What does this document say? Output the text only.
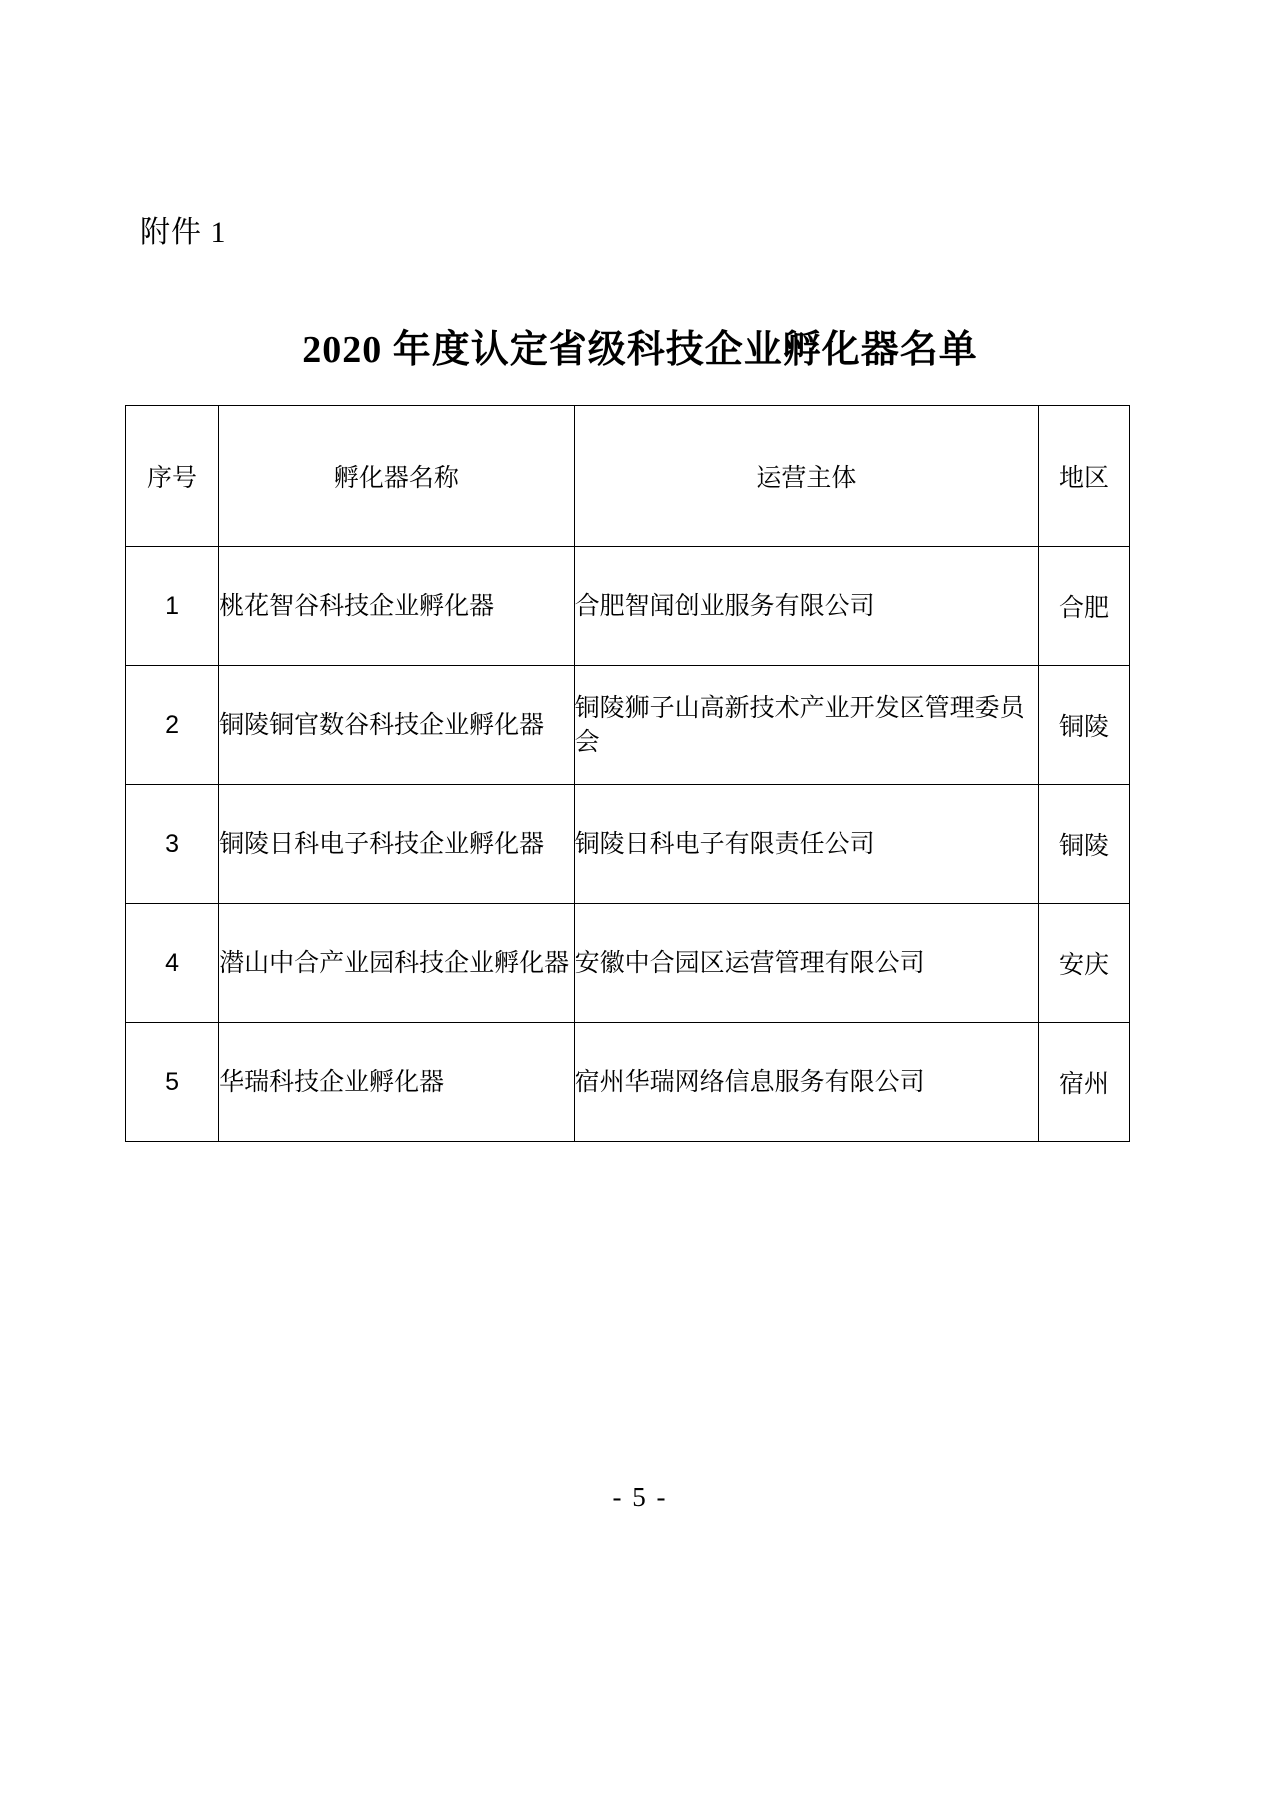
附件 1
2020 年度认定省级科技企业孵化器名单
序号	孵化器名称	运营主体	地区
1	桃花智谷科技企业孵化器	合肥智闻创业服务有限公司	合肥
2	铜陵铜官数谷科技企业孵化器	铜陵狮子山高新技术产业开发区管理委员会	铜陵
3	铜陵日科电子科技企业孵化器	铜陵日科电子有限责任公司	铜陵
4	潜山中合产业园科技企业孵化器	安徽中合园区运营管理有限公司	安庆
5	华瑞科技企业孵化器	宿州华瑞网络信息服务有限公司	宿州
- 5 -
